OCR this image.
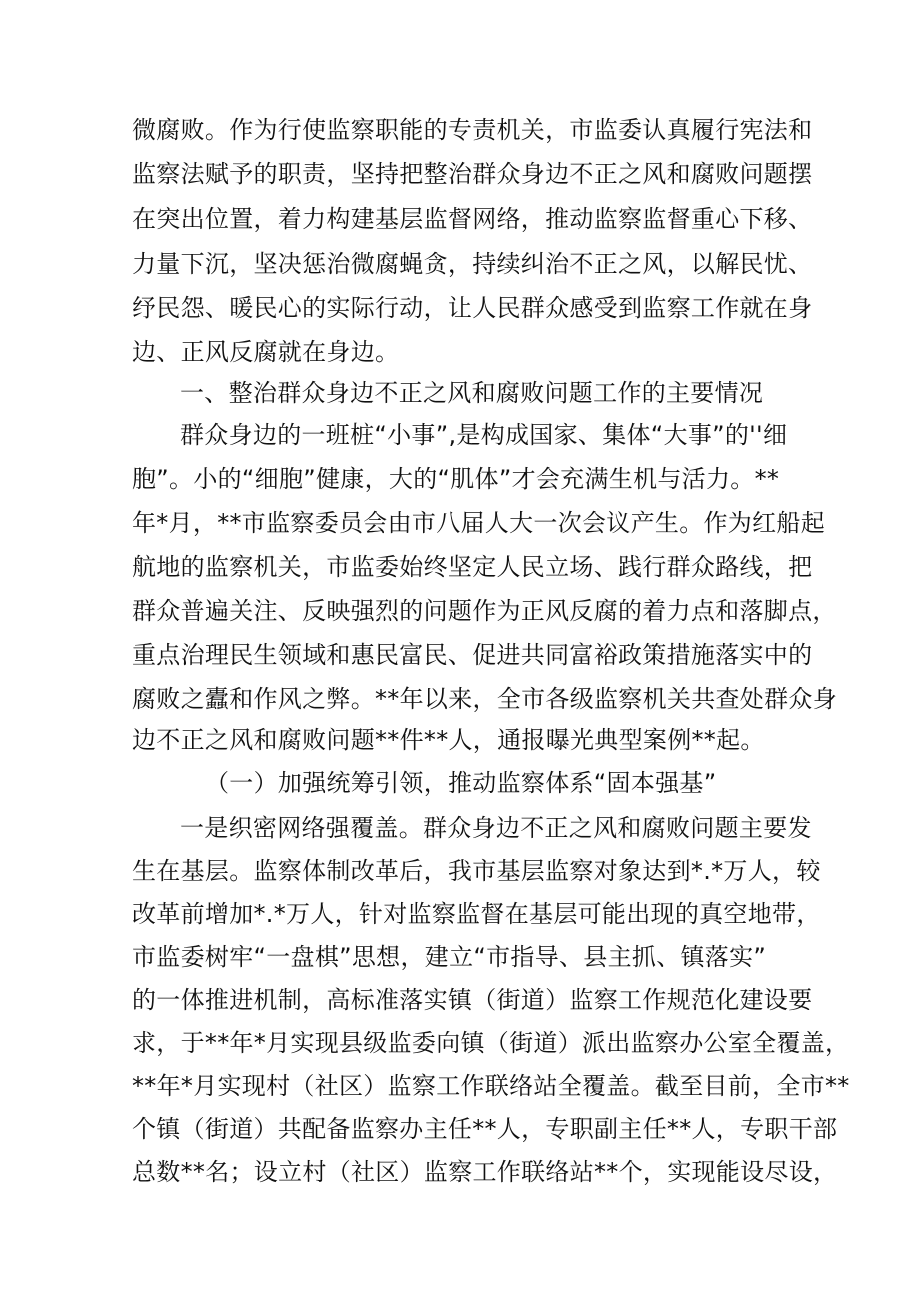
微腐败。作为行使监察职能的专责机关，市监委认真履行宪法和
监察法赋予的职责，坚持把整治群众身边不正之风和腐败问题摆
在突出位置，着力构建基层监督网络，推动监察监督重心下移、
力量下沉，坚决惩治微腐蝇贪，持续纠治不正之风，以解民忧、
纾民怨、暖民心的实际行动，让人民群众感受到监察工作就在身
边、正风反腐就在身边。
一、整治群众身边不正之风和腐败问题工作的主要情况
群众身边的一班桩“小事”,是构成国家、集体“大事”的''细
胞”。小的“细胞”健康，大的“肌体”才会充满生机与活力。**
年*月，**市监察委员会由市八届人大一次会议产生。作为红船起
航地的监察机关，市监委始终坚定人民立场、践行群众路线，把
群众普遍关注、反映强烈的问题作为正风反腐的着力点和落脚点，
重点治理民生领域和惠民富民、促进共同富裕政策措施落实中的
腐败之蠹和作风之弊。**年以来，全市各级监察机关共查处群众身
边不正之风和腐败问题**件**人，通报曝光典型案例**起。
（一）加强统筹引领，推动监察体系“固本强基”
一是织密网络强覆盖。群众身边不正之风和腐败问题主要发
生在基层。监察体制改革后，我市基层监察对象达到*.*万人，较
改革前增加*.*万人，针对监察监督在基层可能出现的真空地带，
市监委树牢“一盘棋”思想，建立“市指导、县主抓、镇落实”
的一体推进机制，高标准落实镇（街道）监察工作规范化建设要
求，于**年*月实现县级监委向镇（街道）派出监察办公室全覆盖，
**年*月实现村（社区）监察工作联络站全覆盖。截至目前，全市**
个镇（街道）共配备监察办主任**人，专职副主任**人，专职干部
总数**名；设立村（社区）监察工作联络站**个，实现能设尽设，
